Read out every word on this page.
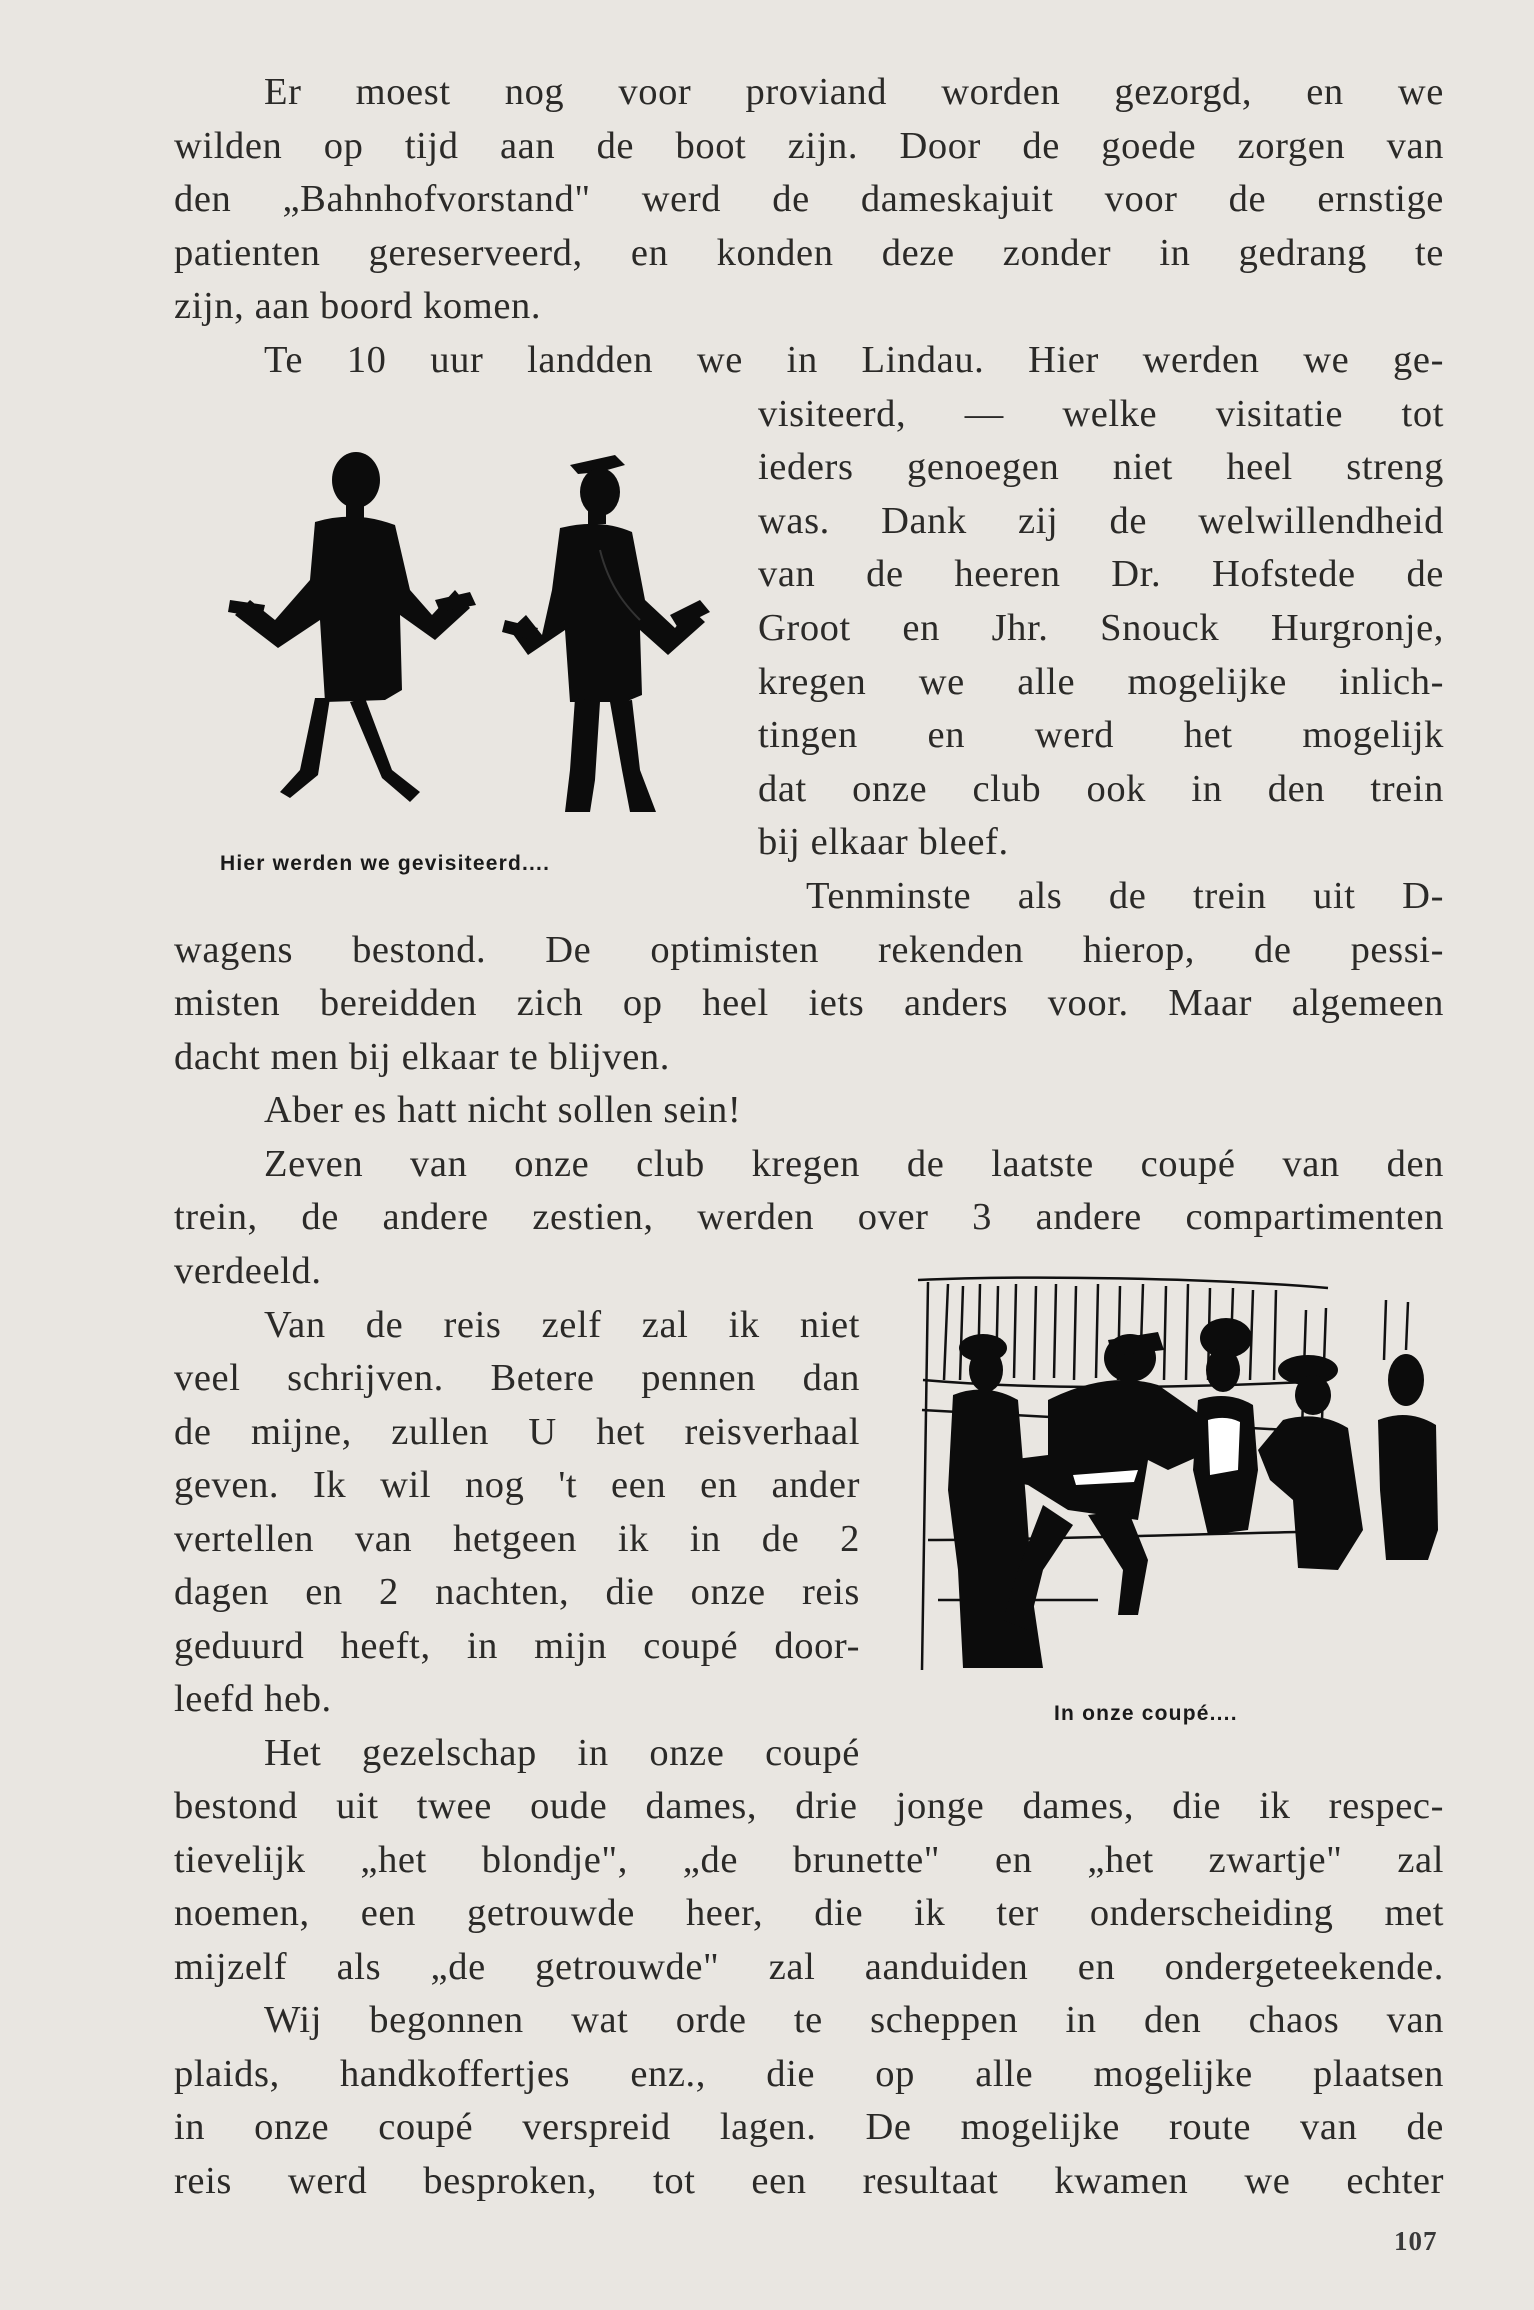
Er moest nog voor proviand worden gezorgd, en we
wilden op tijd aan de boot zijn. Door de goede zorgen van
den „Bahnhofvorstand" werd de dameskajuit voor de ernstige
patienten gereserveerd, en konden deze zonder in gedrang te
zijn, aan boord komen.
Te 10 uur landden we in Lindau. Hier werden we ge-
visiteerd, — welke visitatie tot
ieders genoegen niet heel streng
was. Dank zij de welwillendheid
van de heeren Dr. Hofstede de
Groot en Jhr. Snouck Hurgronje,
kregen we alle mogelijke inlich-
tingen en werd het mogelijk
dat onze club ook in den trein
bij elkaar bleef.
Hier werden we gevisiteerd....
Tenminste als de trein uit D-
wagens bestond. De optimisten rekenden hierop, de pessi-
misten bereidden zich op heel iets anders voor. Maar algemeen
dacht men bij elkaar te blijven.
Aber es hatt nicht sollen sein!
Zeven van onze club kregen de laatste coupé van den
trein, de andere zestien, werden over 3 andere compartimenten
verdeeld.
Van de reis zelf zal ik niet
veel schrijven. Betere pennen dan
de mijne, zullen U het reisverhaal
geven. Ik wil nog 't een en ander
vertellen van hetgeen ik in de 2
dagen en 2 nachten, die onze reis
geduurd heeft, in mijn coupé door-
leefd heb.
Het gezelschap in onze coupé
In onze coupé....
bestond uit twee oude dames, drie jonge dames, die ik respec-
tievelijk „het blondje", „de brunette" en „het zwartje" zal
noemen, een getrouwde heer, die ik ter onderscheiding met
mijzelf als „de getrouwde" zal aanduiden en ondergeteekende.
Wij begonnen wat orde te scheppen in den chaos van
plaids, handkoffertjes enz., die op alle mogelijke plaatsen
in onze coupé verspreid lagen. De mogelijke route van de
reis werd besproken, tot een resultaat kwamen we echter
107
